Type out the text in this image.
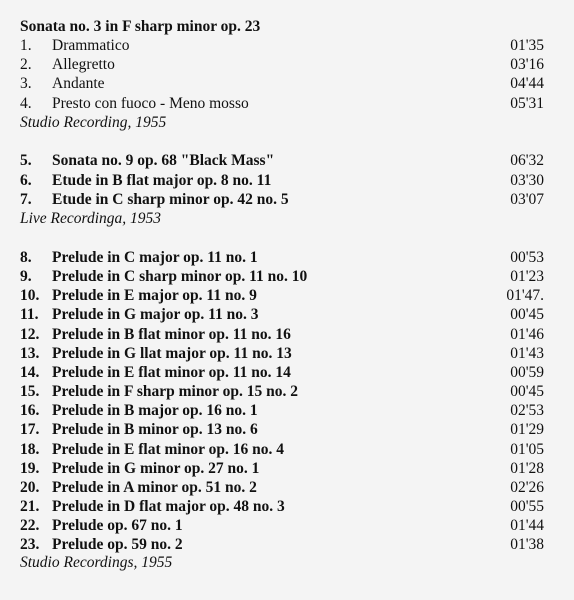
Sonata no. 3 in F sharp minor op. 23
1. Drammatico	01'35
2. Allegretto	03'16
3. Andante	04'44
4. Presto con fuoco - Meno mosso	05'31
Studio Recording, 1955
5. Sonata no. 9 op. 68 "Black Mass"	06'32
6. Etude in B flat major op. 8 no. 11	03'30
7. Etude in C sharp minor op. 42 no. 5	03'07
Live Recordinga, 1953
8. Prelude in C major op. 11 no. 1	00'53
9. Prelude in C sharp minor op. 11 no. 10	01'23
10. Prelude in E major op. 11 no. 9	01'47.
11. Prelude in G major op. 11 no. 3	00'45
12. Prelude in B flat minor op. 11 no. 16	01'46
13. Prelude in G llat major op. 11 no. 13	01'43
14. Prelude in E flat minor op. 11 no. 14	00'59
15. Prelude in F sharp minor op. 15 no. 2	00'45
16. Prelude in B major op. 16 no. 1	02'53
17. Prelude in B minor op. 13 no. 6	01'29
18. Prelude in E flat minor op. 16 no. 4	01'05
19. Prelude in G minor op. 27 no. 1	01'28
20. Prelude in A minor op. 51 no. 2	02'26
21. Prelude in D flat major op. 48 no. 3	00'55
22. Prelude op. 67 no. 1	01'44
23. Prelude op. 59 no. 2	01'38
Studio Recordings, 1955
